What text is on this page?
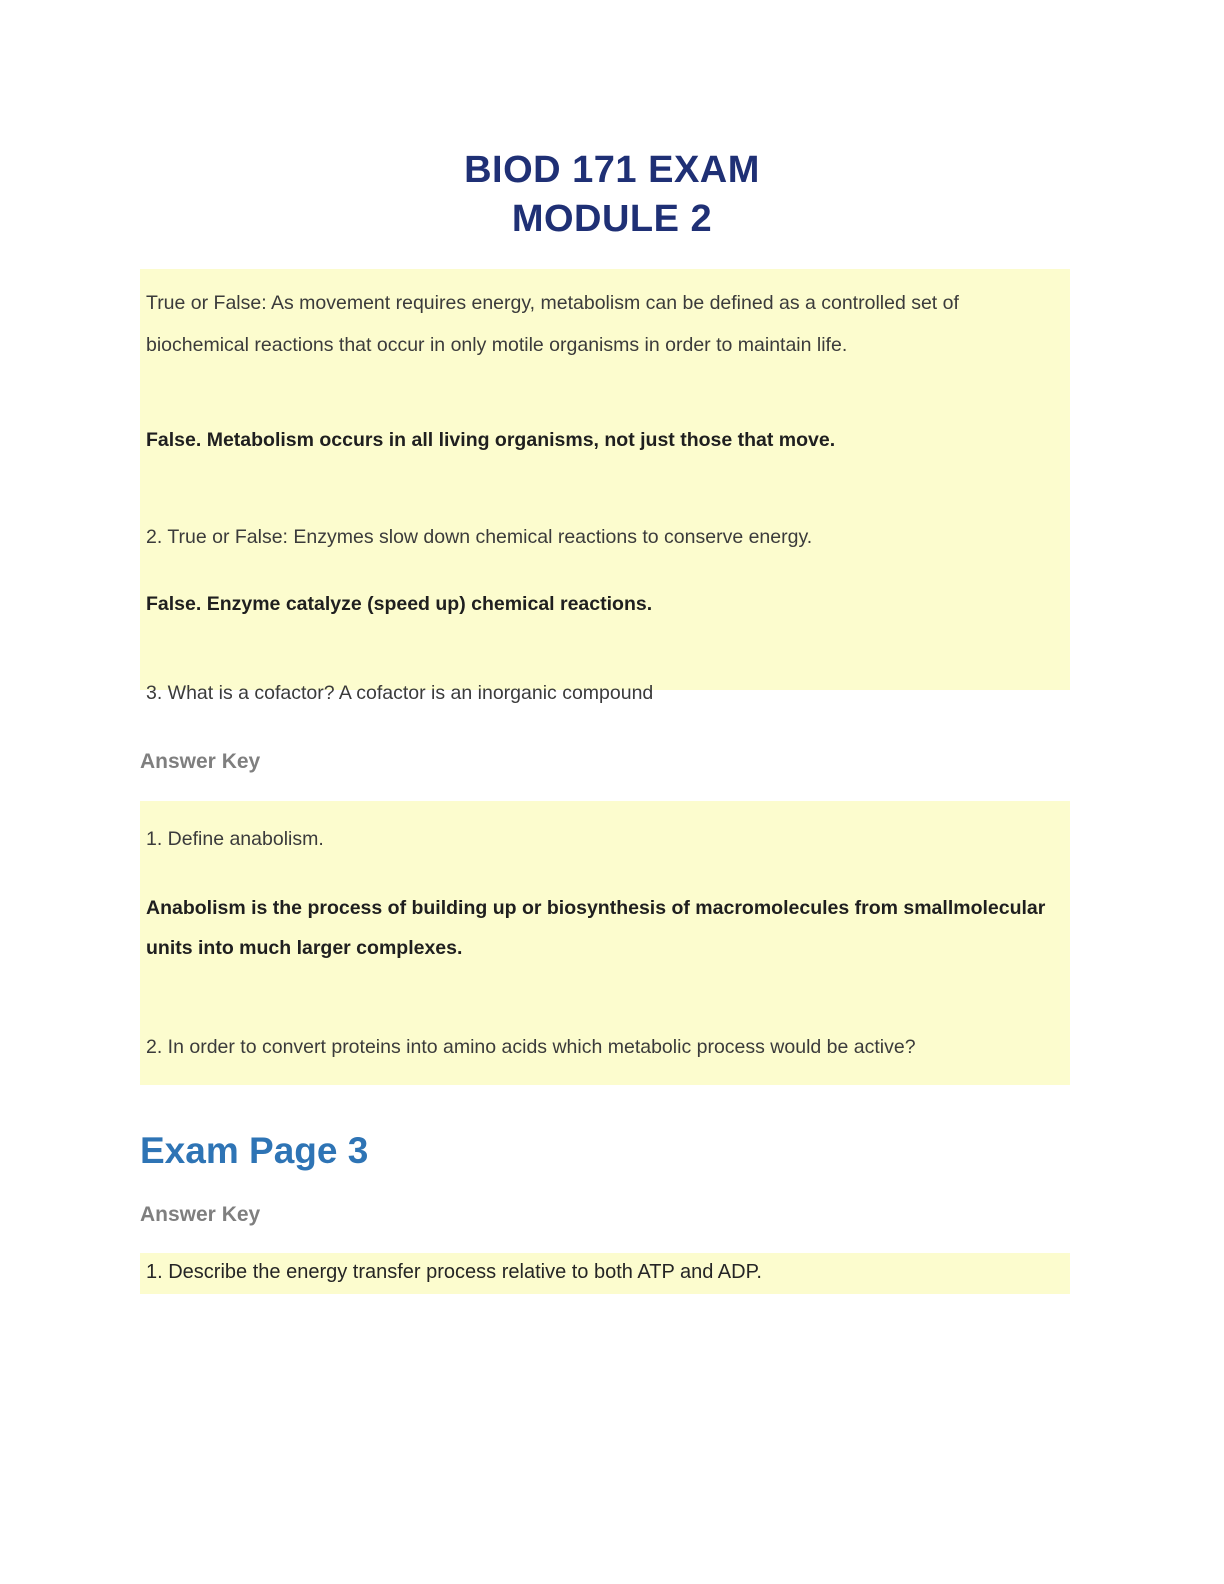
BIOD 171 EXAM
MODULE 2

True or False: As movement requires energy, metabolism can be defined as a controlled set of biochemical reactions that occur in only motile organisms in order to maintain life.

False. Metabolism occurs in all living organisms, not just those that move.

2. True or False: Enzymes slow down chemical reactions to conserve energy.

False. Enzyme catalyze (speed up) chemical reactions.

3. What is a cofactor? A cofactor is an inorganic compound

Answer Key

1. Define anabolism.

Anabolism is the process of building up or biosynthesis of macromolecules from smallmolecular units into much larger complexes.

2. In order to convert proteins into amino acids which metabolic process would be active?

Exam Page 3
Answer Key

1. Describe the energy transfer process relative to both ATP and ADP.
